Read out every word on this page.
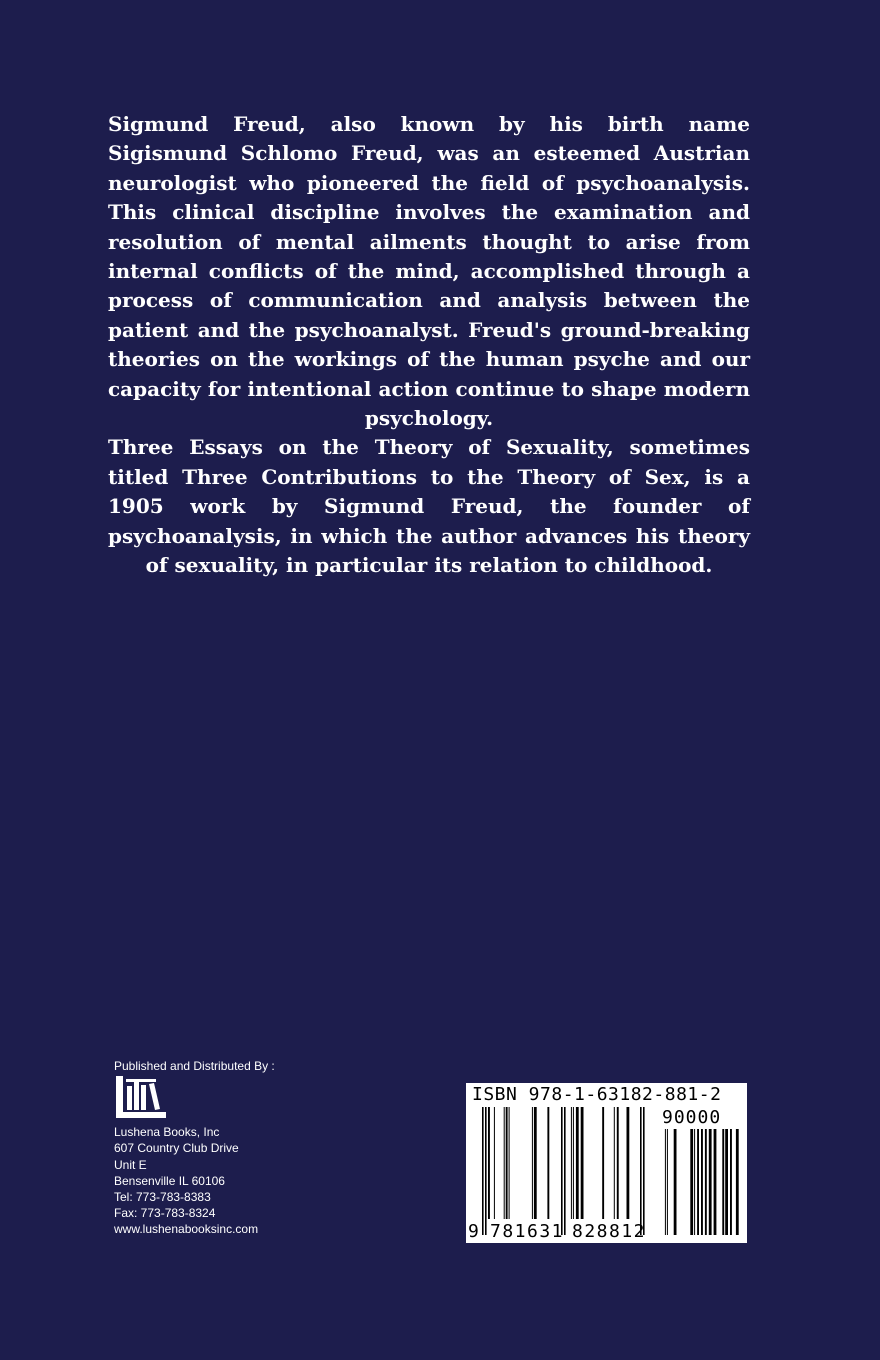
Sigmund Freud, also known by his birth name Sigismund Schlomo Freud, was an esteemed Austrian neurologist who pioneered the field of psychoanalysis. This clinical discipline involves the examination and resolution of mental ailments thought to arise from internal conflicts of the mind, accomplished through a process of communication and analysis between the patient and the psychoanalyst. Freud's ground-breaking theories on the workings of the human psyche and our capacity for intentional action continue to shape modern psychology.

Three Essays on the Theory of Sexuality, sometimes titled Three Contributions to the Theory of Sex, is a 1905 work by Sigmund Freud, the founder of psychoanalysis, in which the author advances his theory of sexuality, in particular its relation to childhood.

Published and Distributed By :
Lushena Books, Inc
607 Country Club Drive
Unit E
Bensenville IL 60106
Tel: 773-783-8383
Fax: 773-783-8324
www.lushenabooksinc.com
ISBN 978-1-63182-881-2
90000
9 781631 828812
